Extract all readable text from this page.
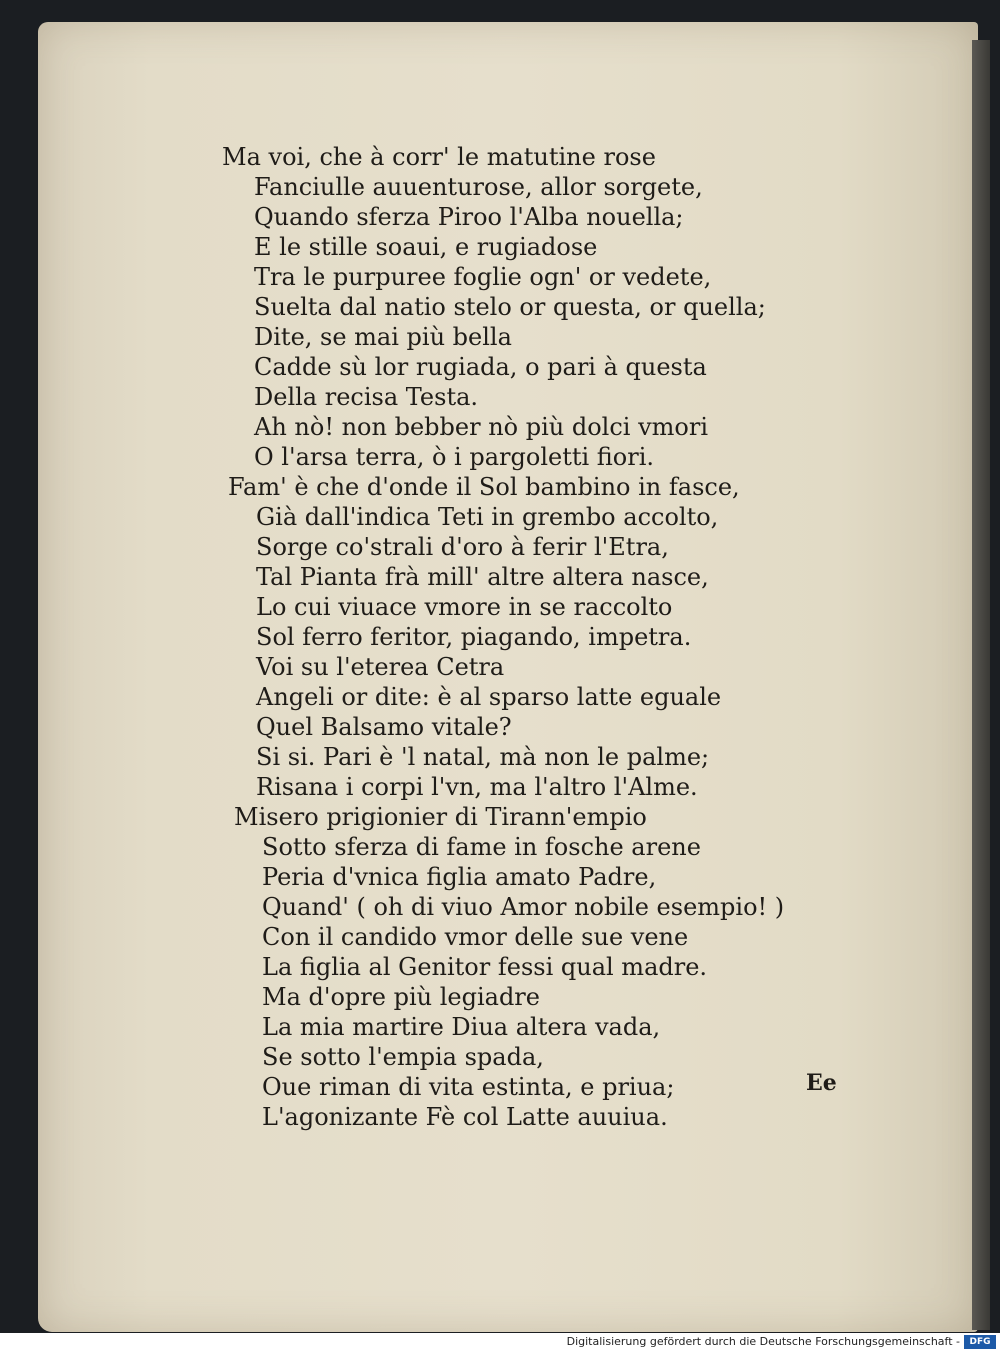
Ma voi, che à corr' le matutine rose
Fanciulle auuenturose, allor sorgete,
Quando sferza Piroo l'Alba nouella;
E le stille soaui, e rugiadose
Tra le purpuree foglie ogn' or vedete,
Suelta dal natio stelo or questa, or quella;
Dite, se mai più bella
Cadde sù lor rugiada, o pari à questa
Della recisa Testa.
Ah nò! non bebber nò più dolci vmori
O l'arsa terra, ò i pargoletti fiori.
Fam' è che d'onde il Sol bambino in fasce,
Già dall'indica Teti in grembo accolto,
Sorge co'strali d'oro à ferir l'Etra,
Tal Pianta frà mill' altre altera nasce,
Lo cui viuace vmore in se raccolto
Sol ferro feritor, piagando, impetra.
Voi su l'eterea Cetra
Angeli or dite: è al sparso latte eguale
Quel Balsamo vitale?
Si si. Pari è 'l natal, mà non le palme;
Risana i corpi l'vn, ma l'altro l'Alme.
Misero prigionier di Tirann'empio
Sotto sferza di fame in fosche arene
Peria d'vnica figlia amato Padre,
Quand' ( oh di viuo Amor nobile esempio! )
Con il candido vmor delle sue vene
La figlia al Genitor fessi qual madre.
Ma d'opre più legiadre
La mia martire Diua altera vada,
Se sotto l'empia spada,
Oue riman di vita estinta, e priua;
L'agonizante Fè col Latte auuiua.
Ee
Digitalisierung gefördert durch die Deutsche Forschungsgemeinschaft -	DFG
